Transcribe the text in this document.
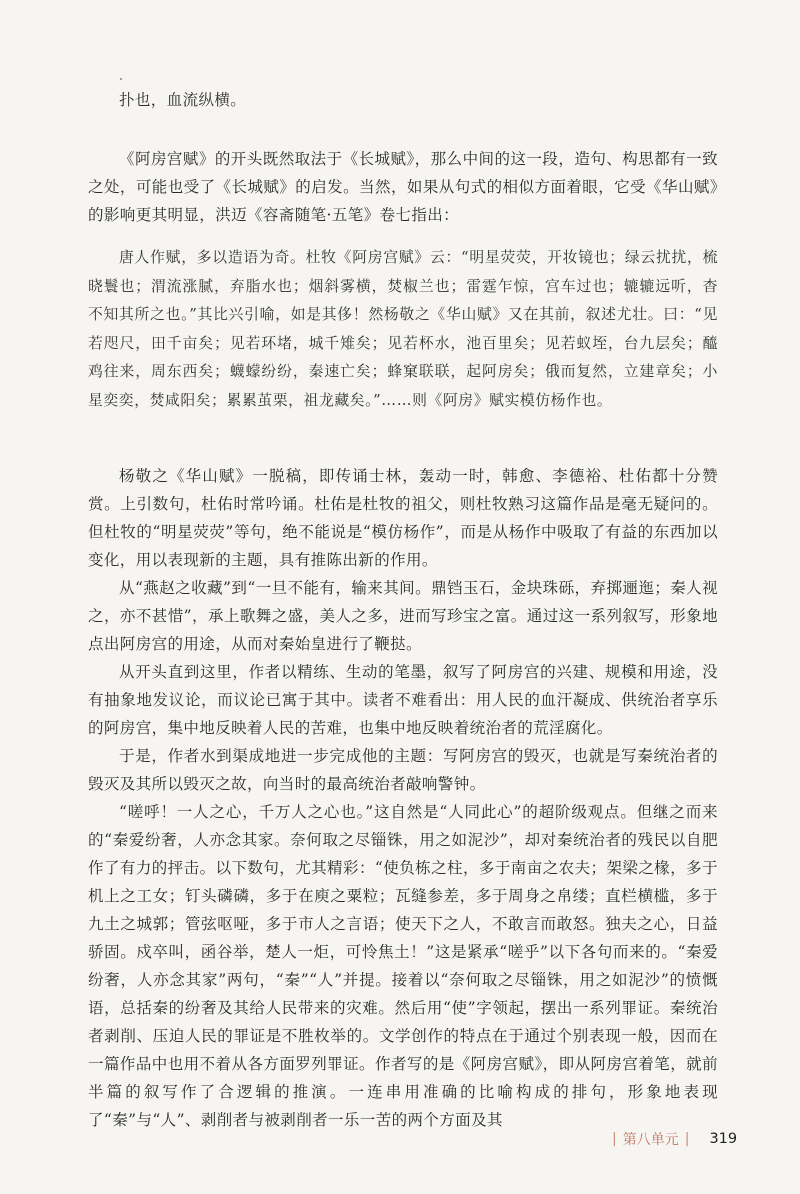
扑也，血流纵横。

《阿房宫赋》的开头既然取法于《长城赋》，那么中间的这一段，造句、构思都有一致之处，可能也受了《长城赋》的启发。当然，如果从句式的相似方面着眼，它受《华山赋》的影响更其明显，洪迈《容斋随笔·五笔》卷七指出：

唐人作赋，多以造语为奇。杜牧《阿房宫赋》云：“明星荧荧，开妆镜也；绿云扰扰，梳晓鬟也；渭流涨腻，弃脂水也；烟斜雾横，焚椒兰也；雷霆乍惊，宫车过也；辘辘远听，杳不知其所之也。”其比兴引喻，如是其侈！然杨敬之《华山赋》又在其前，叙述尤壮。曰：“见若咫尺，田千亩矣；见若环堵，城千雉矣；见若杯水，池百里矣；见若蚁垤，台九层矣；醯鸡往来，周东西矣；蠛蠓纷纷，秦速亡矣；蜂窠联联，起阿房矣；俄而复然，立建章矣；小星奕奕，焚咸阳矣；累累茧栗，祖龙藏矣。”……则《阿房》赋实模仿杨作也。

杨敬之《华山赋》一脱稿，即传诵士林，轰动一时，韩愈、李德裕、杜佑都十分赞赏。上引数句，杜佑时常吟诵。杜佑是杜牧的祖父，则杜牧熟习这篇作品是毫无疑问的。但杜牧的“明星荧荧”等句，绝不能说是“模仿杨作”，而是从杨作中吸取了有益的东西加以变化，用以表现新的主题，具有推陈出新的作用。

从“燕赵之收藏”到“一旦不能有，输来其间。鼎铛玉石，金块珠砾，弃掷逦迤；秦人视之，亦不甚惜”，承上歌舞之盛，美人之多，进而写珍宝之富。通过这一系列叙写，形象地点出阿房宫的用途，从而对秦始皇进行了鞭挞。

从开头直到这里，作者以精练、生动的笔墨，叙写了阿房宫的兴建、规模和用途，没有抽象地发议论，而议论已寓于其中。读者不难看出：用人民的血汗凝成、供统治者享乐的阿房宫，集中地反映着人民的苦难，也集中地反映着统治者的荒淫腐化。

于是，作者水到渠成地进一步完成他的主题：写阿房宫的毁灭，也就是写秦统治者的毁灭及其所以毁灭之故，向当时的最高统治者敲响警钟。

“嗟呼！一人之心，千万人之心也。”这自然是“人同此心”的超阶级观点。但继之而来的“秦爱纷奢，人亦念其家。奈何取之尽锱铢，用之如泥沙”，却对秦统治者的残民以自肥作了有力的抨击。以下数句，尤其精彩：“使负栋之柱，多于南亩之农夫；架梁之椽，多于机上之工女；钉头磷磷，多于在庾之粟粒；瓦缝参差，多于周身之帛缕；直栏横槛，多于九土之城郭；管弦呕哑，多于市人之言语；使天下之人，不敢言而敢怒。独夫之心，日益骄固。戍卒叫，函谷举，楚人一炬，可怜焦土！”这是紧承“嗟乎”以下各句而来的。“秦爱纷奢，人亦念其家”两句，“秦”“人”并提。接着以“奈何取之尽锱铢，用之如泥沙”的愤慨语，总括秦的纷奢及其给人民带来的灾难。然后用“使”字领起，摆出一系列罪证。秦统治者剥削、压迫人民的罪证是不胜枚举的。文学创作的特点在于通过个别表现一般，因而在一篇作品中也用不着从各方面罗列罪证。作者写的是《阿房宫赋》，即从阿房宫着笔，就前半篇的叙写作了合逻辑的推演。一连串用准确的比喻构成的排句，形象地表现了“秦”与“人”、剥削者与被剥削者一乐一苦的两个方面及其

| 第八单元 | 319
